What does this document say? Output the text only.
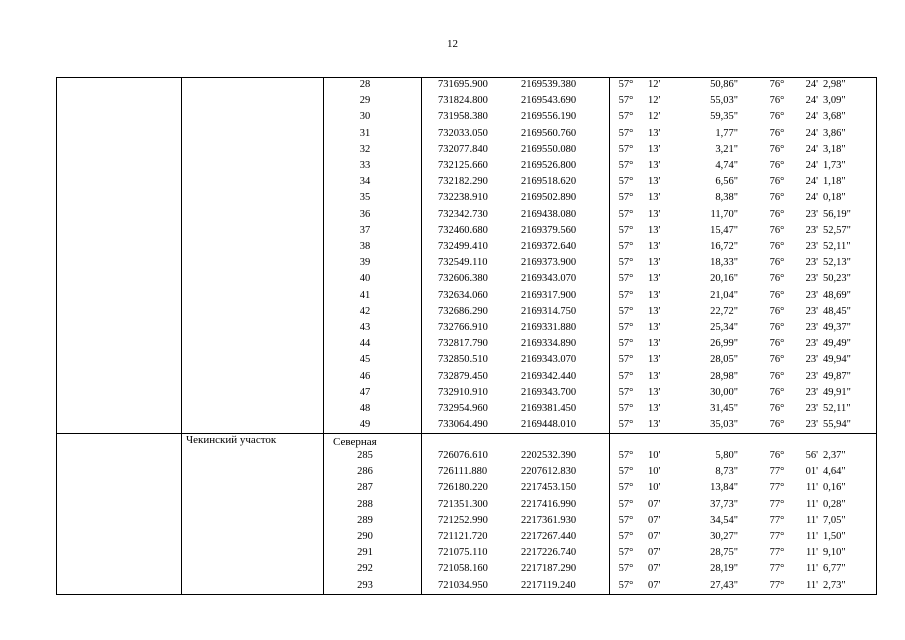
12
Чекинский участок	Северная
28	731695.900	2169539.380	57°	12'	50,86"	76°	24' 2,98"
29	731824.800	2169543.690	57°	12'	55,03"	76°	24' 3,09"
30	731958.380	2169556.190	57°	12'	59,35"	76°	24' 3,68"
31	732033.050	2169560.760	57°	13'	1,77"	76°	24' 3,86"
32	732077.840	2169550.080	57°	13'	3,21"	76°	24' 3,18"
33	732125.660	2169526.800	57°	13'	4,74"	76°	24' 1,73"
34	732182.290	2169518.620	57°	13'	6,56"	76°	24' 1,18"
35	732238.910	2169502.890	57°	13'	8,38"	76°	24' 0,18"
36	732342.730	2169438.080	57°	13'	11,70"	76°	23' 56,19"
37	732460.680	2169379.560	57°	13'	15,47"	76°	23' 52,57"
38	732499.410	2169372.640	57°	13'	16,72"	76°	23' 52,11"
39	732549.110	2169373.900	57°	13'	18,33"	76°	23' 52,13"
40	732606.380	2169343.070	57°	13'	20,16"	76°	23' 50,23"
41	732634.060	2169317.900	57°	13'	21,04"	76°	23' 48,69"
42	732686.290	2169314.750	57°	13'	22,72"	76°	23' 48,45"
43	732766.910	2169331.880	57°	13'	25,34"	76°	23' 49,37"
44	732817.790	2169334.890	57°	13'	26,99"	76°	23' 49,49"
45	732850.510	2169343.070	57°	13'	28,05"	76°	23' 49,94"
46	732879.450	2169342.440	57°	13'	28,98"	76°	23' 49,87"
47	732910.910	2169343.700	57°	13'	30,00"	76°	23' 49,91"
48	732954.960	2169381.450	57°	13'	31,45"	76°	23' 52,11"
49	733064.490	2169448.010	57°	13'	35,03"	76°	23' 55,94"
285	726076.610	2202532.390	57°	10'	5,80"	76°	56' 2,37"
286	726111.880	2207612.830	57°	10'	8,73"	77°	01' 4,64"
287	726180.220	2217453.150	57°	10'	13,84"	77°	11' 0,16"
288	721351.300	2217416.990	57°	07'	37,73"	77°	11' 0,28"
289	721252.990	2217361.930	57°	07'	34,54"	77°	11' 7,05"
290	721121.720	2217267.440	57°	07'	30,27"	77°	11' 1,50"
291	721075.110	2217226.740	57°	07'	28,75"	77°	11' 9,10"
292	721058.160	2217187.290	57°	07'	28,19"	77°	11' 6,77"
293	721034.950	2217119.240	57°	07'	27,43"	77°	11' 2,73"
